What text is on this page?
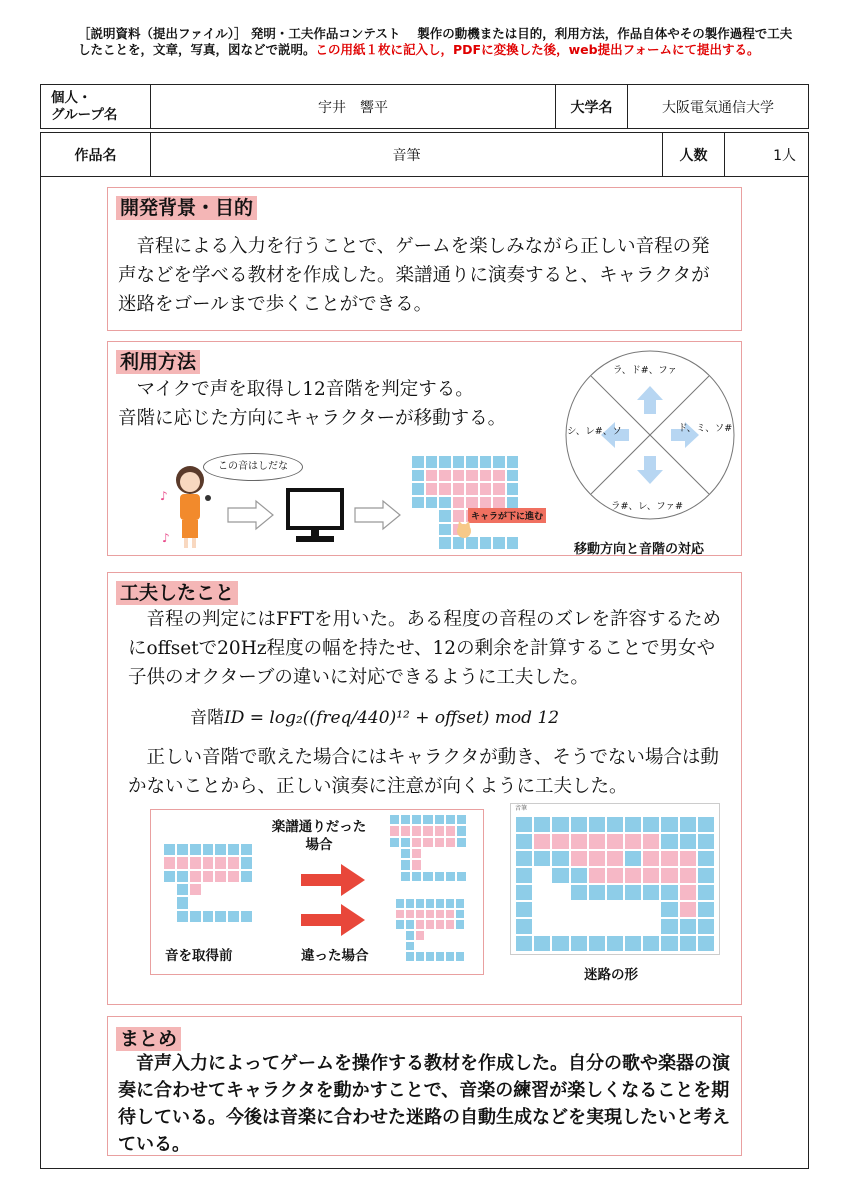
［説明資料（提出ファイル）］ 発明・工夫作品コンテスト　 製作の動機または目的，利用方法，作品自体やその製作過程で工夫したことを，文章，写真，図などで説明。この用紙１枚に記入し，PDFに変換した後，web提出フォームにて提出する。
個人・
グループ名	宇井　響平	大学名	大阪電気通信大学
作品名	音筆	人数	1人
開発背景・目的
　音程による入力を行うことで、ゲームを楽しみながら正しい音程の発声などを学べる教材を作成した。楽譜通りに演奏すると、キャラクタが迷路をゴールまで歩くことができる。
利用方法
　マイクで声を取得し12音階を判定する。
音階に応じた方向にキャラクターが移動する。
♪
♪
この音はしだな
キャラが下に進む
ラ、ド#、ファ
シ、レ#、ソ	ド、ミ、ソ#
ラ#、レ、ファ#
移動方向と音階の対応
工夫したこと
　音程の判定にはFFTを用いた。ある程度の音程のズレを許容するためにoffsetで20Hz程度の幅を持たせ、12の剰余を計算することで男女や子供のオクターブの違いに対応できるように工夫した。
音階ID = log₂((freq/440)¹² + offset) mod 12
　正しい音階で歌えた場合にはキャラクタが動き、そうでない場合は動かないことから、正しい演奏に注意が向くように工夫した。
音を取得前
楽譜通りだった場合
違った場合
音筆
迷路の形
まとめ
　音声入力によってゲームを操作する教材を作成した。自分の歌や楽器の演奏に合わせてキャラクタを動かすことで、音楽の練習が楽しくなることを期待している。今後は音楽に合わせた迷路の自動生成などを実現したいと考えている。
